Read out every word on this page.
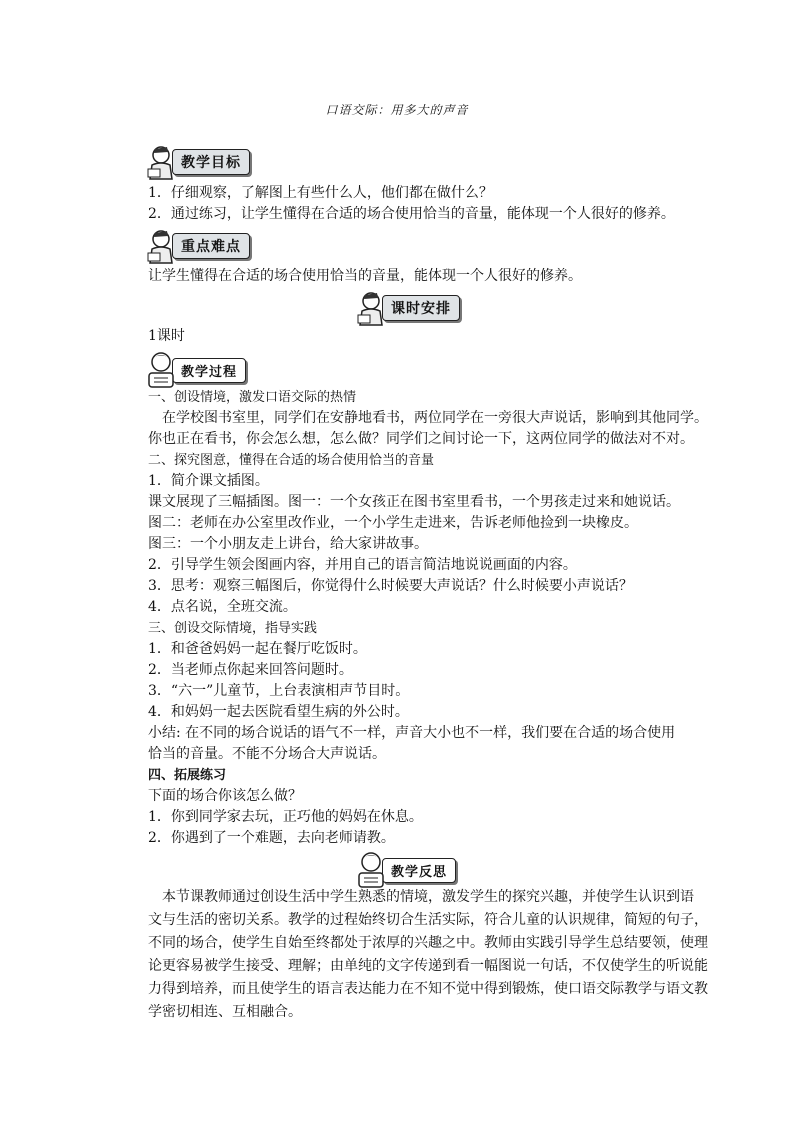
口语交际：用多大的声音
教学目标
1．仔细观察，了解图上有些什么人，他们都在做什么？
2．通过练习，让学生懂得在合适的场合使用恰当的音量，能体现一个人很好的修养。
重点难点
让学生懂得在合适的场合使用恰当的音量，能体现一个人很好的修养。
课时安排
1课时
教学过程
一、创设情境，激发口语交际的热情
在学校图书室里，同学们在安静地看书，两位同学在一旁很大声说话，影响到其他同学。
你也正在看书，你会怎么想，怎么做？同学们之间讨论一下，这两位同学的做法对不对。
二、探究图意，懂得在合适的场合使用恰当的音量
1．简介课文插图。
课文展现了三幅插图。图一：一个女孩正在图书室里看书，一个男孩走过来和她说话。
图二：老师在办公室里改作业，一个小学生走进来，告诉老师他捡到一块橡皮。
图三：一个小朋友走上讲台，给大家讲故事。
2．引导学生领会图画内容，并用自己的语言简洁地说说画面的内容。
3．思考：观察三幅图后，你觉得什么时候要大声说话？什么时候要小声说话？
4．点名说，全班交流。
三、创设交际情境，指导实践
1．和爸爸妈妈一起在餐厅吃饭时。
2．当老师点你起来回答问题时。
3．“六一”儿童节，上台表演相声节目时。
4．和妈妈一起去医院看望生病的外公时。
小结: 在不同的场合说话的语气不一样，声音大小也不一样，我们要在合适的场合使用
恰当的音量。不能不分场合大声说话。
四、拓展练习
下面的场合你该怎么做？
1．你到同学家去玩，正巧他的妈妈在休息。
2．你遇到了一个难题，去向老师请教。
教学反思
本节课教师通过创设生活中学生熟悉的情境，激发学生的探究兴趣，并使学生认识到语
文与生活的密切关系。教学的过程始终切合生活实际，符合儿童的认识规律，简短的句子，
不同的场合，使学生自始至终都处于浓厚的兴趣之中。教师由实践引导学生总结要领，使理
论更容易被学生接受、理解；由单纯的文字传递到看一幅图说一句话，不仅使学生的听说能
力得到培养，而且使学生的语言表达能力在不知不觉中得到锻炼，使口语交际教学与语文教
学密切相连、互相融合。
